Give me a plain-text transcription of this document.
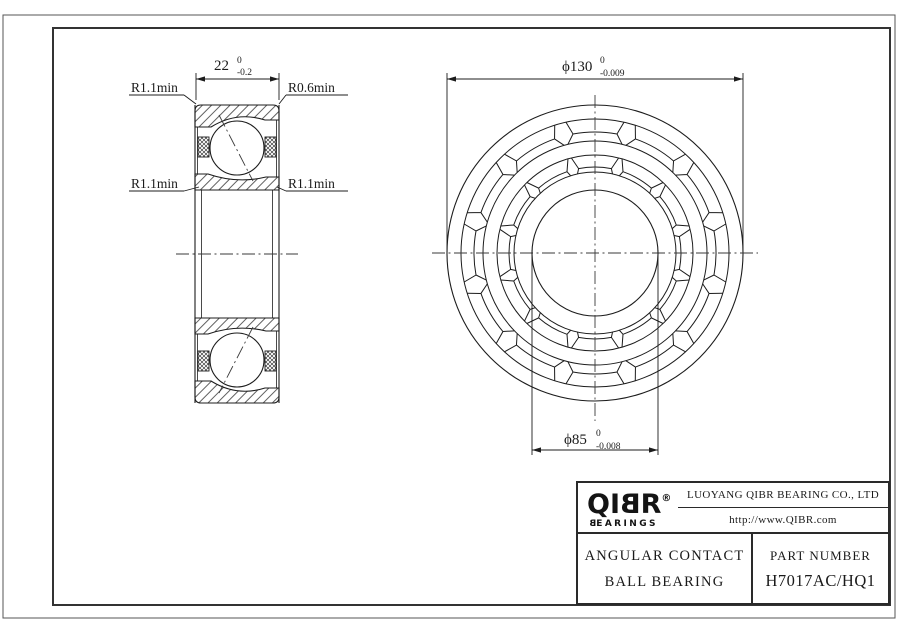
22 0
-0.2
R1.1min	R0.6min
R1.1min	R1.1min
ϕ130 0
-0.009
ϕ85 0
-0.008
QIBR®
BEARINGS
LUOYANG QIBR BEARING CO., LTD
http://www.QIBR.com
ANGULAR CONTACT
BALL BEARING
PART NUMBER
H7017AC/HQ1
